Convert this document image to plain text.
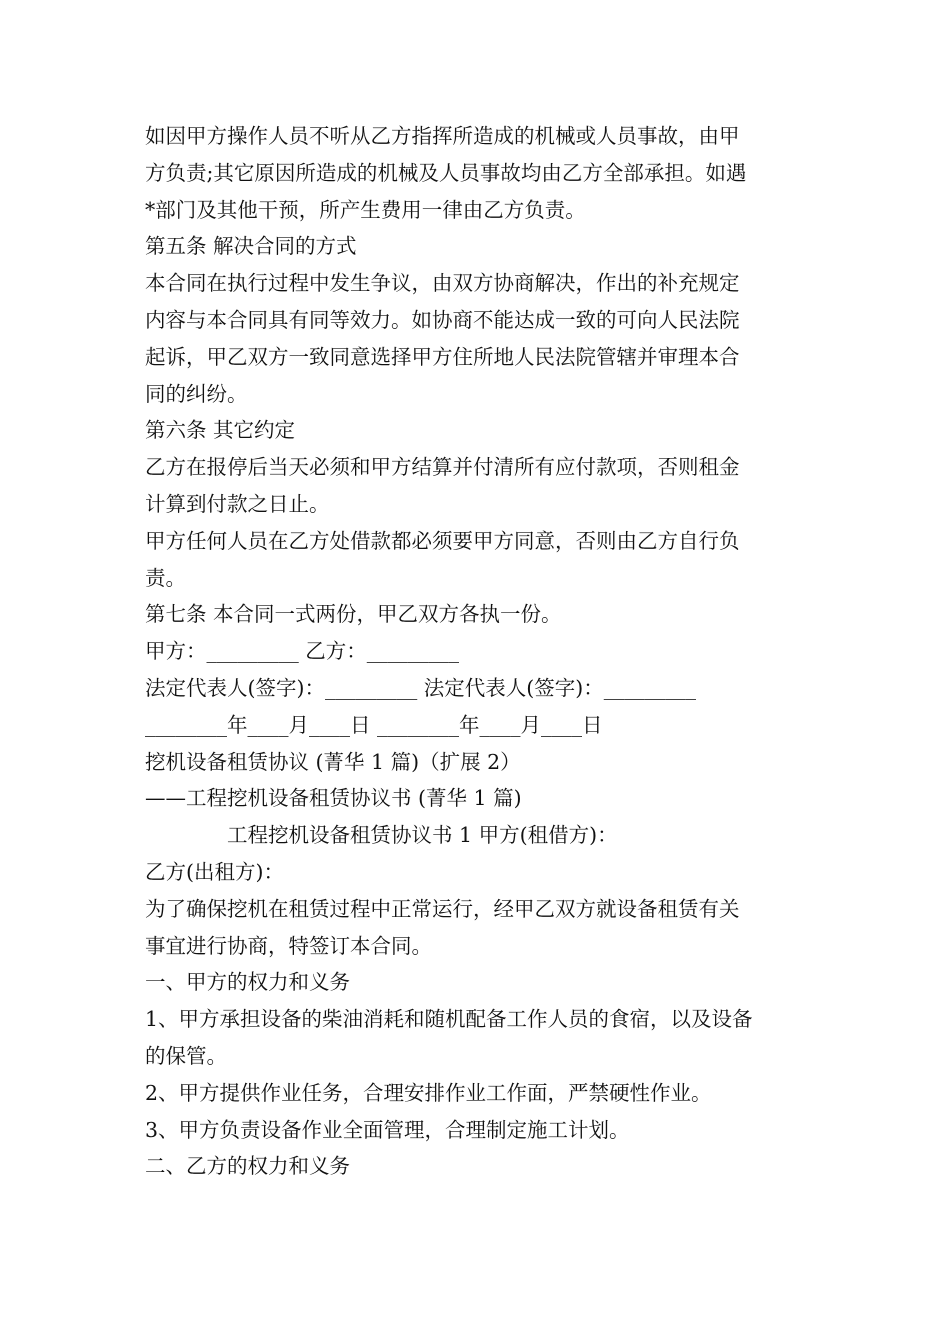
如因甲方操作人员不听从乙方指挥所造成的机械或人员事故，由甲
方负责;其它原因所造成的机械及人员事故均由乙方全部承担。如遇
*部门及其他干预，所产生费用一律由乙方负责。
第五条 解决合同的方式
本合同在执行过程中发生争议，由双方协商解决，作出的补充规定
内容与本合同具有同等效力。如协商不能达成一致的可向人民法院
起诉，甲乙双方一致同意选择甲方住所地人民法院管辖并审理本合
同的纠纷。
第六条 其它约定
乙方在报停后当天必须和甲方结算并付清所有应付款项，否则租金
计算到付款之日止。
甲方任何人员在乙方处借款都必须要甲方同意，否则由乙方自行负
责。
第七条 本合同一式两份，甲乙双方各执一份。
甲方：_________ 乙方：_________
法定代表人(签字)：_________ 法定代表人(签字)：_________
________年____月____日 ________年____月____日
挖机设备租赁协议 (菁华 1 篇)（扩展 2）
——工程挖机设备租赁协议书 (菁华 1 篇)
工程挖机设备租赁协议书 1 甲方(租借方)：
乙方(出租方)：
为了确保挖机在租赁过程中正常运行，经甲乙双方就设备租赁有关
事宜进行协商，特签订本合同。
一、甲方的权力和义务
1、甲方承担设备的柴油消耗和随机配备工作人员的食宿，以及设备
的保管。
2、甲方提供作业任务，合理安排作业工作面，严禁硬性作业。
3、甲方负责设备作业全面管理，合理制定施工计划。
二、乙方的权力和义务
